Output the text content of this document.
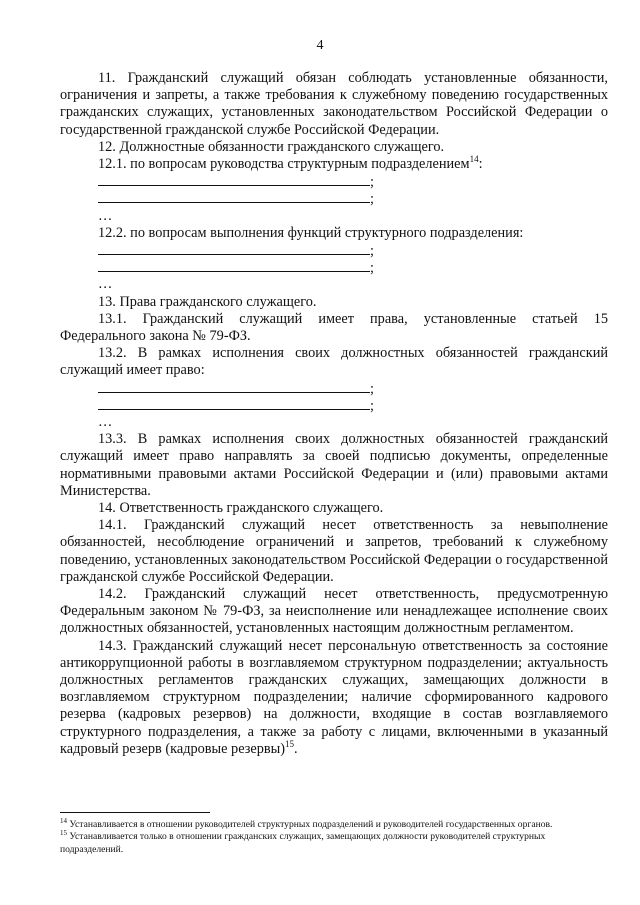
4

11. Гражданский служащий обязан соблюдать установленные обязанности, ограничения и запреты, а также требования к служебному поведению государственных гражданских служащих, установленных законодательством Российской Федерации о государственной гражданской службе Российской Федерации.

12. Должностные обязанности гражданского служащего.

12.1. по вопросам руководства структурным подразделением$^{14}$:

;
;
…

12.2. по вопросам выполнения функций структурного подразделения:

;
;
…

13. Права гражданского служащего.

13.1. Гражданский служащий имеет права, установленные статьей 15 Федерального закона № 79-ФЗ.

13.2. В рамках исполнения своих должностных обязанностей гражданский служащий имеет право:

;
;
…

13.3. В рамках исполнения своих должностных обязанностей гражданский служащий имеет право направлять за своей подписью документы, определенные нормативными правовыми актами Российской Федерации и (или) правовыми актами Министерства.

14. Ответственность гражданского служащего.

14.1. Гражданский служащий несет ответственность за невыполнение обязанностей, несоблюдение ограничений и запретов, требований к служебному поведению, установленных законодательством Российской Федерации о государственной гражданской службе Российской Федерации.

14.2. Гражданский служащий несет ответственность, предусмотренную Федеральным законом № 79-ФЗ, за неисполнение или ненадлежащее исполнение своих должностных обязанностей, установленных настоящим должностным регламентом.

14.3. Гражданский служащий несет персональную ответственность за состояние антикоррупционной работы в возглавляемом структурном подразделении; актуальность должностных регламентов гражданских служащих, замещающих должности в возглавляемом структурном подразделении; наличие сформированного кадрового резерва (кадровых резервов) на должности, входящие в состав возглавляемого структурного подразделения, а также за работу с лицами, включенными в указанный кадровый резерв (кадровые резервы)$^{15}$.

$^{14}$ Устанавливается в отношении руководителей структурных подразделений и руководителей государственных органов.

$^{15}$ Устанавливается только в отношении гражданских служащих, замещающих должности руководителей структурных подразделений.
